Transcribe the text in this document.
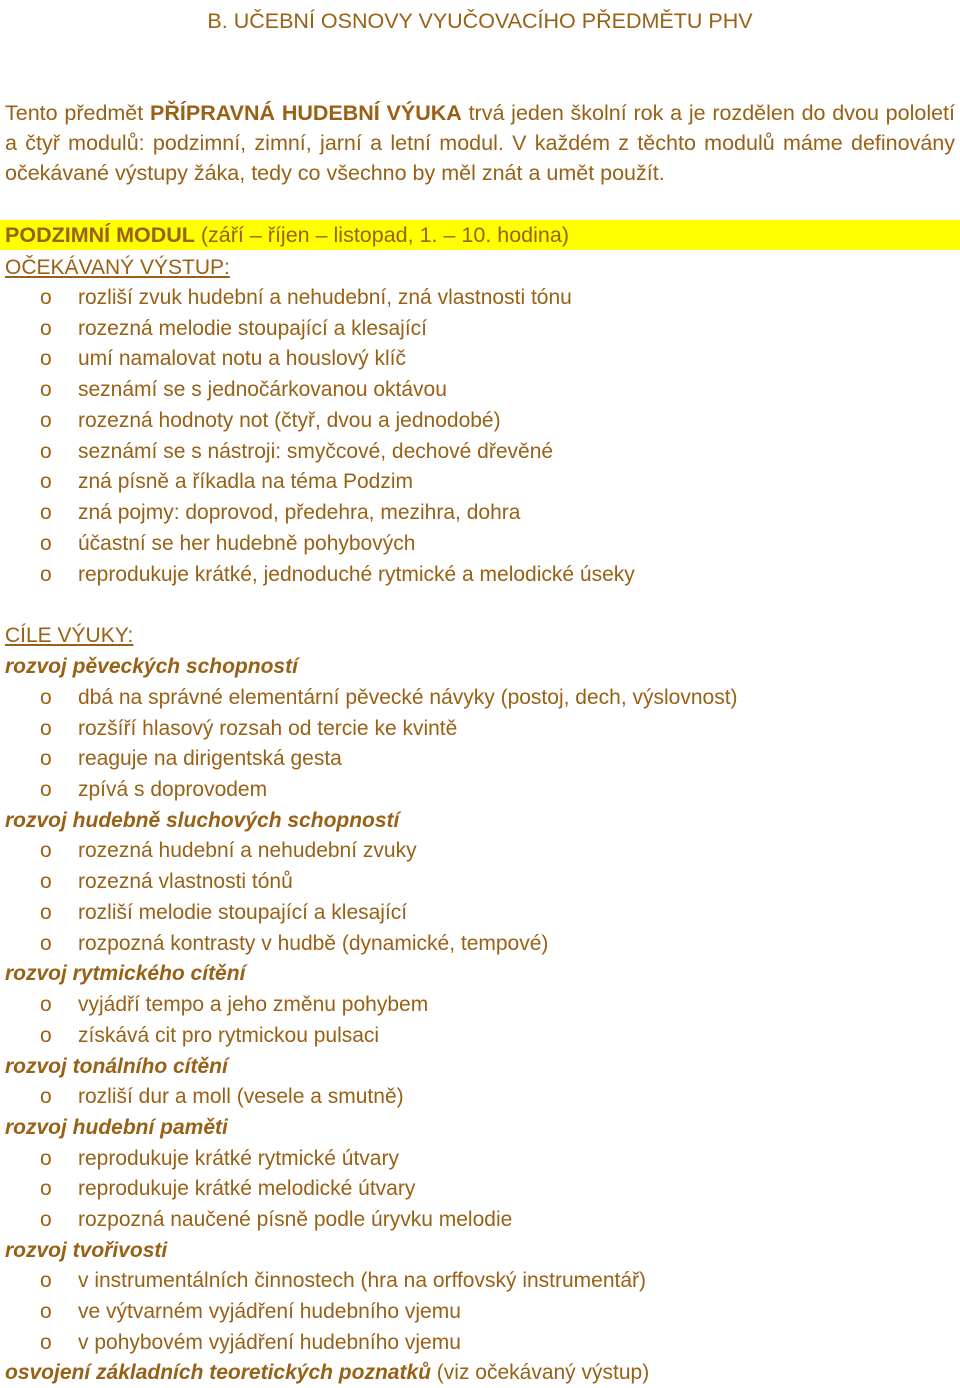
B. UČEBNÍ OSNOVY VYUČOVACÍHO PŘEDMĚTU PHV

Tento předmět PŘÍPRAVNÁ HUDEBNÍ VÝUKA trvá jeden školní rok a je rozdělen do dvou pololetí a čtyř modulů: podzimní, zimní, jarní a letní modul. V každém z těchto modulů máme definovány očekávané výstupy žáka, tedy co všechno by měl znát a umět použít.

PODZIMNÍ MODUL (září – říjen – listopad, 1. – 10. hodina)
OČEKÁVANÝ VÝSTUP:
o rozliší zvuk hudební a nehudební, zná vlastnosti tónu
o rozezná melodie stoupající a klesající
o umí namalovat notu a houslový klíč
o seznámí se s jednočárkovanou oktávou
o rozezná hodnoty not (čtyř, dvou a jednodobé)
o seznámí se s nástroji: smyčcové, dechové dřevěné
o zná písně a říkadla na téma Podzim
o zná pojmy: doprovod, předehra, mezihra, dohra
o účastní se her hudebně pohybových
o reprodukuje krátké, jednoduché rytmické a melodické úseky
CÍLE VÝUKY:
rozvoj pěveckých schopností
o dbá na správné elementární pěvecké návyky (postoj, dech, výslovnost)
o rozšíří hlasový rozsah od tercie ke kvintě
o reaguje na dirigentská gesta
o zpívá s doprovodem
rozvoj hudebně sluchových schopností
o rozezná hudební a nehudební zvuky
o rozezná vlastnosti tónů
o rozliší melodie stoupající a klesající
o rozpozná kontrasty v hudbě (dynamické, tempové)
rozvoj rytmického cítění
o vyjádří tempo a jeho změnu pohybem
o získává cit pro rytmickou pulsaci
rozvoj tonálního cítění
o rozliší dur a moll (vesele a smutně)
rozvoj hudební paměti
o reprodukuje krátké rytmické útvary
o reprodukuje krátké melodické útvary
o rozpozná naučené písně podle úryvku melodie
rozvoj tvořivosti
o v instrumentálních činnostech (hra na orffovský instrumentář)
o ve výtvarném vyjádření hudebního vjemu
o v pohybovém vyjádření hudebního vjemu
osvojení základních teoretických poznatků (viz očekávaný výstup)
